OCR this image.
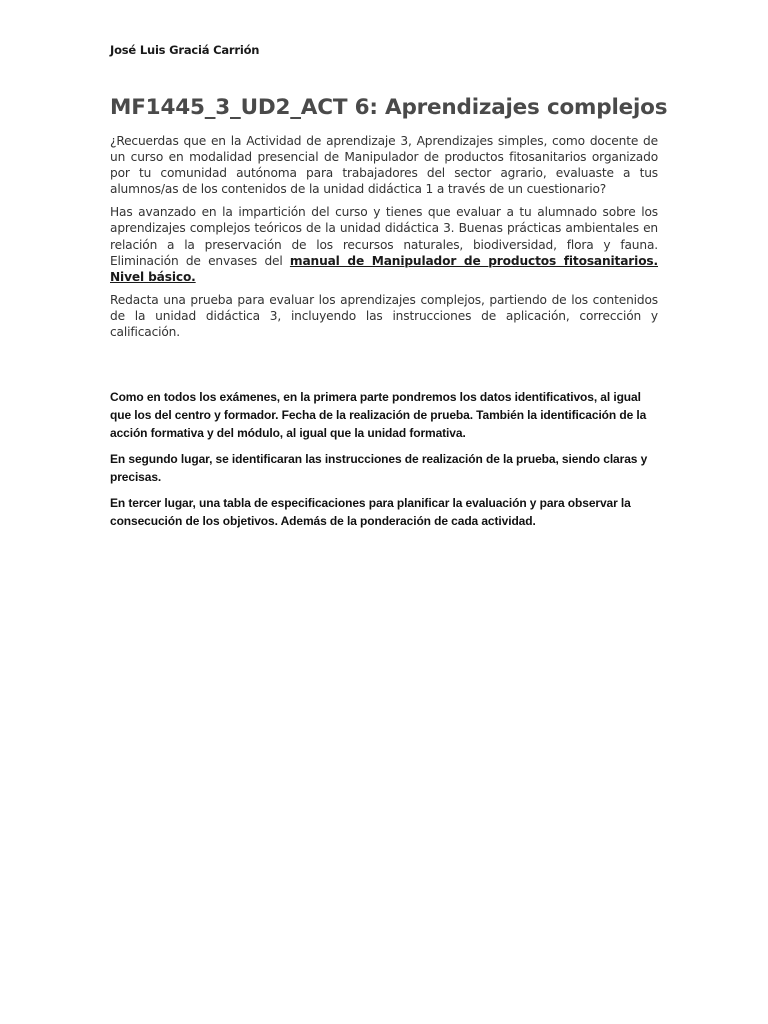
José Luis Graciá Carrión
MF1445_3_UD2_ACT 6: Aprendizajes complejos

¿Recuerdas que en la Actividad de aprendizaje 3, Aprendizajes simples, como docente de un curso en modalidad presencial de Manipulador de productos fitosanitarios organizado por tu comunidad autónoma para trabajadores del sector agrario, evaluaste a tus alumnos/as de los contenidos de la unidad didáctica 1 a través de un cuestionario?

Has avanzado en la impartición del curso y tienes que evaluar a tu alumnado sobre los aprendizajes complejos teóricos de la unidad didáctica 3. Buenas prácticas ambientales en relación a la preservación de los recursos naturales, biodiversidad, flora y fauna. Eliminación de envases del manual de Manipulador de productos fitosanitarios. Nivel básico.

Redacta una prueba para evaluar los aprendizajes complejos, partiendo de los contenidos de la unidad didáctica 3, incluyendo las instrucciones de aplicación, corrección y calificación.

Como en todos los exámenes, en la primera parte pondremos los datos identificativos, al igual que los del centro y formador. Fecha de la realización de prueba. También la identificación de la acción formativa y del módulo, al igual que la unidad formativa.

En segundo lugar, se identificaran las instrucciones de realización de la prueba, siendo claras y precisas.

En tercer lugar, una tabla de especificaciones para planificar la evaluación y para observar la consecución de los objetivos. Además de la ponderación de cada actividad.
